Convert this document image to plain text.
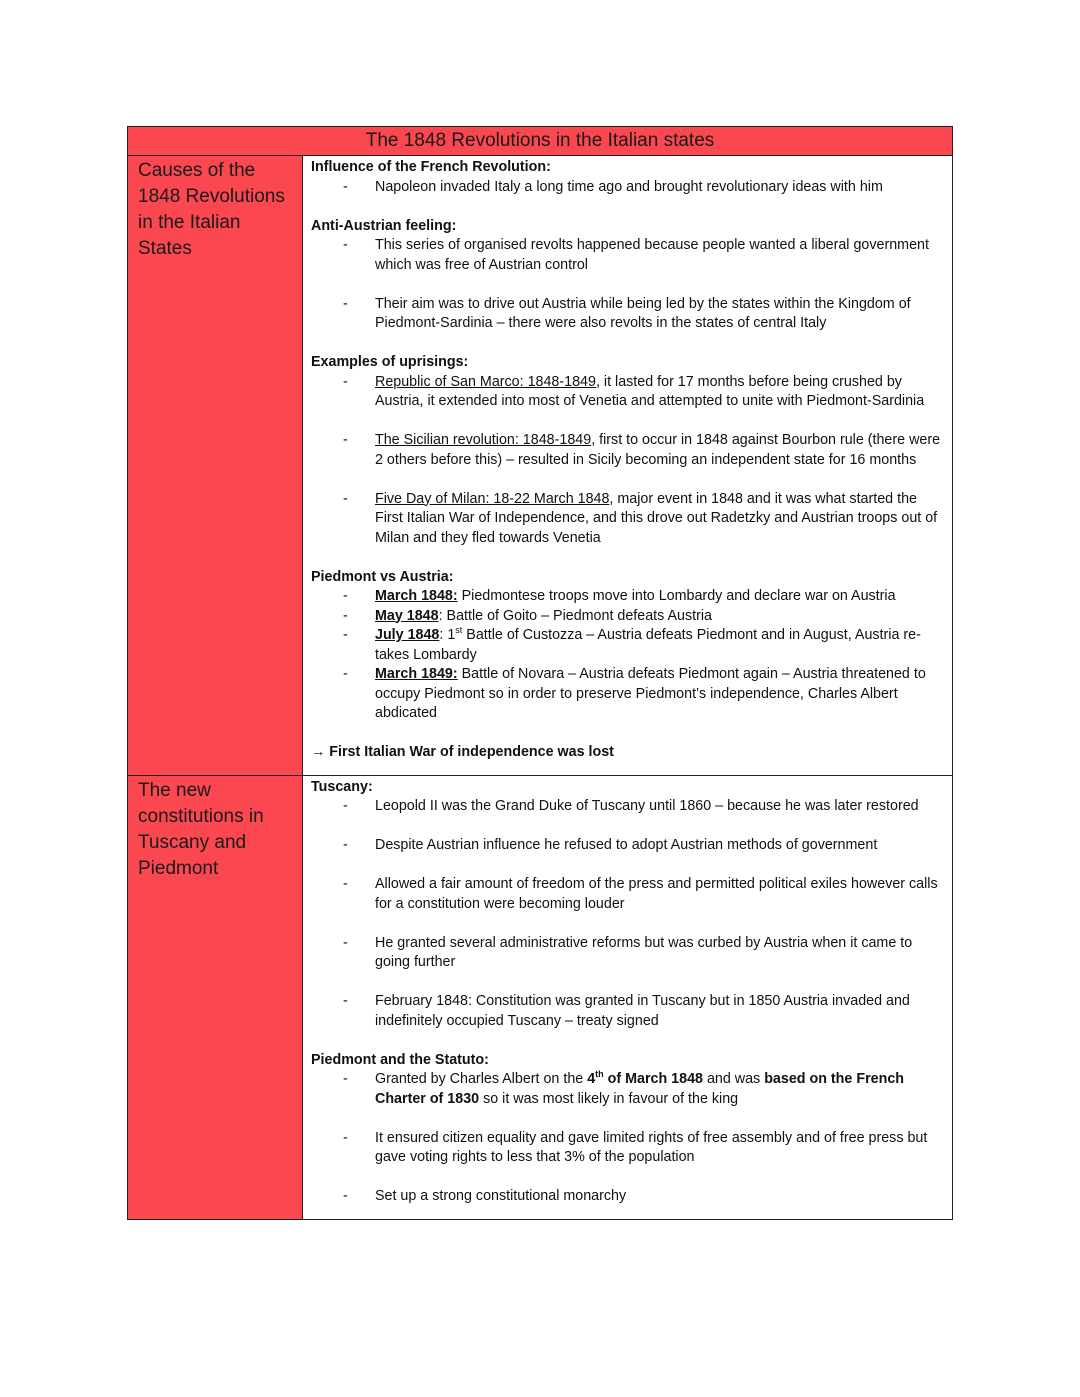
The 1848 Revolutions in the Italian states
Causes of the 1848 Revolutions in the Italian States
Influence of the French Revolution:
-	Napoleon invaded Italy a long time ago and brought revolutionary ideas with him
Anti-Austrian feeling:
-	This series of organised revolts happened because people wanted a liberal government which was free of Austrian control
-	Their aim was to drive out Austria while being led by the states within the Kingdom of Piedmont-Sardinia – there were also revolts in the states of central Italy
Examples of uprisings:
-	Republic of San Marco: 1848-1849, it lasted for 17 months before being crushed by Austria, it extended into most of Venetia and attempted to unite with Piedmont-Sardinia
-	The Sicilian revolution: 1848-1849, first to occur in 1848 against Bourbon rule (there were 2 others before this) – resulted in Sicily becoming an independent state for 16 months
-	Five Day of Milan: 18-22 March 1848, major event in 1848 and it was what started the First Italian War of Independence, and this drove out Radetzky and Austrian troops out of Milan and they fled towards Venetia
Piedmont vs Austria:
-	March 1848: Piedmontese troops move into Lombardy and declare war on Austria
-	May 1848: Battle of Goito – Piedmont defeats Austria
-	July 1848: 1st Battle of Custozza – Austria defeats Piedmont and in August, Austria re-takes Lombardy
-	March 1849: Battle of Novara – Austria defeats Piedmont again – Austria threatened to occupy Piedmont so in order to preserve Piedmont’s independence, Charles Albert abdicated
→ First Italian War of independence was lost
The new constitutions in Tuscany and Piedmont
Tuscany:
-	Leopold II was the Grand Duke of Tuscany until 1860 – because he was later restored
-	Despite Austrian influence he refused to adopt Austrian methods of government
-	Allowed a fair amount of freedom of the press and permitted political exiles however calls for a constitution were becoming louder
-	He granted several administrative reforms but was curbed by Austria when it came to going further
-	February 1848: Constitution was granted in Tuscany but in 1850 Austria invaded and indefinitely occupied Tuscany – treaty signed
Piedmont and the Statuto:
-	Granted by Charles Albert on the 4th of March 1848 and was based on the French Charter of 1830 so it was most likely in favour of the king
-	It ensured citizen equality and gave limited rights of free assembly and of free press but gave voting rights to less that 3% of the population
-	Set up a strong constitutional monarchy
